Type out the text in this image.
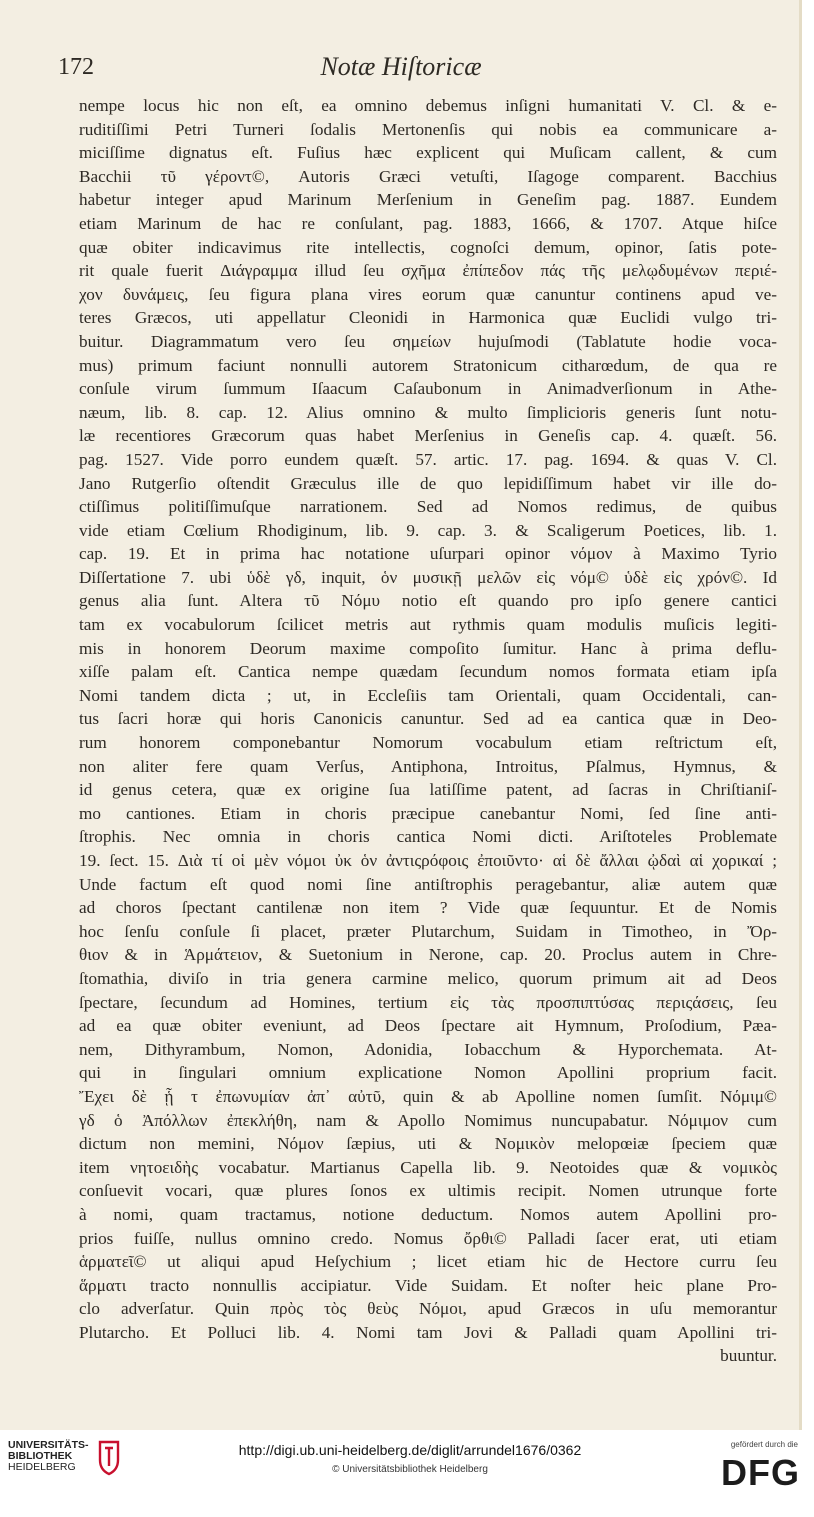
172	Notæ Hiſtoricæ
nempe locus hic non eſt, ea omnino debemus inſigni humanitati V. Cl. & e-
ruditiſſimi Petri Turneri ſodalis Mertonenſis qui nobis ea communicare a-
miciſſime dignatus eſt. Fuſius hæc explicent qui Muſicam callent, & cum
Bacchii τῦ γέροντ©, Autoris Græci vetuſti, Iſagoge comparent. Bacchius
habetur integer apud Marinum Merſenium in Geneſim pag. 1887. Eundem
etiam Marinum de hac re conſulant, pag. 1883, 1666, & 1707. Atque hiſce
quæ obiter indicavimus rite intellectis, cognoſci demum, opinor, ſatis pote-
rit quale fuerit Διάγραμμα illud ſeu σχῆμα ἐπίπεδον πάς τῆς μελῳδυμένων περιέ-
χον δυνάμεις, ſeu figura plana vires eorum quæ canuntur continens apud ve-
teres Græcos, uti appellatur Cleonidi in Harmonica quæ Euclidi vulgo tri-
buitur. Diagrammatum vero ſeu σημείων hujuſmodi (Tablatute hodie voca-
mus) primum faciunt nonnulli autorem Stratonicum citharœdum, de qua re
conſule virum ſummum Iſaacum Caſaubonum in Animadverſionum in Athe-
næum, lib. 8. cap. 12. Alius omnino & multo ſimplicioris generis ſunt notu-
læ recentiores Græcorum quas habet Merſenius in Geneſis cap. 4. quæſt. 56.
pag. 1527. Vide porro eundem quæſt. 57. artic. 17. pag. 1694. & quas V. Cl.
Jano Rutgerſio oſtendit Græculus ille de quo lepidiſſimum habet vir ille do-
ctiſſimus politiſſimuſque narrationem. Sed ad Nomos redimus, de quibus
vide etiam Cœlium Rhodiginum, lib. 9. cap. 3. & Scaligerum Poetices, lib. 1.
cap. 19. Et in prima hac notatione uſurpari opinor νόμον à Maximo Tyrio
Diſſertatione 7. ubi ὑδὲ γδ, inquit, ὁν μυσικῇ μελῶν εἰς νόμ© ὑδὲ εἰς χρόν©. Id
genus alia ſunt. Altera τῦ Νόμυ notio eſt quando pro ipſo genere cantici
tam ex vocabulorum ſcilicet metris aut rythmis quam modulis muſicis legiti-
mis in honorem Deorum maxime compoſito ſumitur. Hanc à prima deflu-
xiſſe palam eſt. Cantica nempe quædam ſecundum nomos formata etiam ipſa
Nomi tandem dicta ; ut, in Eccleſiis tam Orientali, quam Occidentali, can-
tus ſacri horæ qui horis Canonicis canuntur. Sed ad ea cantica quæ in Deo-
rum honorem componebantur Nomorum vocabulum etiam reſtrictum eſt,
non aliter fere quam Verſus, Antiphona, Introitus, Pſalmus, Hymnus, &
id genus cetera, quæ ex origine ſua latiſſime patent, ad ſacras in Chriſtianiſ-
mo cantiones. Etiam in choris præcipue canebantur Nomi, ſed ſine anti-
ſtrophis. Nec omnia in choris cantica Nomi dicti. Ariſtoteles Problemate
19. ſect. 15. Διὰ τί οἱ μὲν νόμοι ὐκ ὁν ἀντιςρόφοις ἐποιῦντο· αἱ δὲ ἄλλαι ᾠδαὶ αἱ χορικαί ;
Unde factum eſt quod nomi ſine antiſtrophis peragebantur, aliæ autem quæ
ad choros ſpectant cantilenæ non item ? Vide quæ ſequuntur. Et de Nomis
hoc ſenſu conſule ſi placet, præter Plutarchum, Suidam in Timotheo, in Ὄρ-
θιον & in Ἁρμάτειον, & Suetonium in Nerone, cap. 20. Proclus autem in Chre-
ſtomathia, diviſo in tria genera carmine melico, quorum primum ait ad Deos
ſpectare, ſecundum ad Homines, tertium εἰς τὰς προσπιπτύσας περιςάσεις, ſeu
ad ea quæ obiter eveniunt, ad Deos ſpectare ait Hymnum, Proſodium, Pæa-
nem, Dithyrambum, Nomon, Adonidia, Iobacchum & Hyporchemata. At-
qui in ſingulari omnium explicatione Nomon Apollini proprium facit.
Ἔχει δὲ ᾗ τ ἐπωνυμίαν ἀπ᾽ αὐτῦ, quin & ab Apolline nomen ſumſit. Νόμιμ©
γδ ὁ Ἀπόλλων ἐπεκλήθη, nam & Apollo Nomimus nuncupabatur. Νόμιμον cum
dictum non memini, Νόμον ſæpius, uti & Νομικὸν melopœiæ ſpeciem quæ
item νητοειδὴς vocabatur. Martianus Capella lib. 9. Neotoides quæ & νομικὸς
conſuevit vocari, quæ plures ſonos ex ultimis recipit. Nomen utrunque forte
à nomi, quam tractamus, notione deductum. Nomos autem Apollini pro-
prios fuiſſe, nullus omnino credo. Nomus ὄρθι© Palladi ſacer erat, uti etiam
ἁρματεῖ© ut aliqui apud Heſychium ; licet etiam hic de Hectore curru ſeu
ἅρματι tracto nonnullis accipiatur. Vide Suidam. Et noſter heic plane Pro-
clo adverſatur. Quin πρὸς τὸς θεὺς Νόμοι, apud Græcos in uſu memorantur
Plutarcho. Et Polluci lib. 4. Nomi tam Jovi & Palladi quam Apollini tri-
buuntur.
UNIVERSITÄTS-
BIBLIOTHEK
HEIDELBERG
http://digi.ub.uni-heidelberg.de/diglit/arrundel1676/0362
© Universitätsbibliothek Heidelberg
gefördert durch die
DFG
